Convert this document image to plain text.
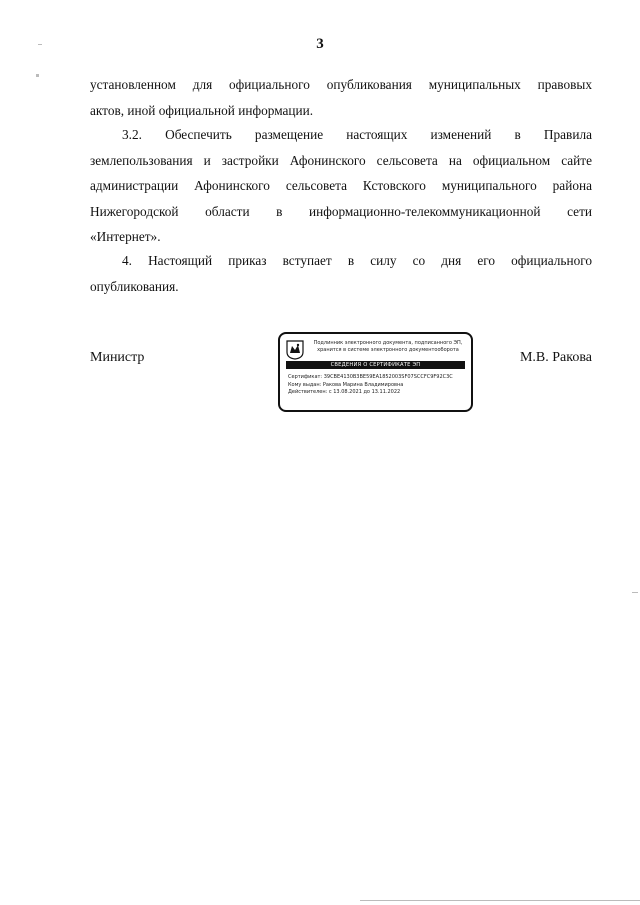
3
установленном для официального опубликования муниципальных правовых
актов, иной официальной информации.
3.2. Обеспечить размещение настоящих изменений в Правила
землепользования и застройки Афонинского сельсовета на официальном сайте
администрации Афонинского сельсовета Кстовского муниципального района
Нижегородской области в информационно-телекоммуникационной сети
«Интернет».
4. Настоящий приказ вступает в силу со дня его официального
опубликования.
Министр	М.В. Ракова
Подлинник электронного документа, подписанного ЭП,
хранится в системе электронного документооборота
СВЕДЕНИЯ О СЕРТИФИКАТЕ ЭП
Сертификат: 39CBE4130B3BE59EA1852003SF07SCCFC9F92C3C
Кому выдан: Ракова Марина Владимировна
Действителен: с 13.08.2021 до 13.11.2022
